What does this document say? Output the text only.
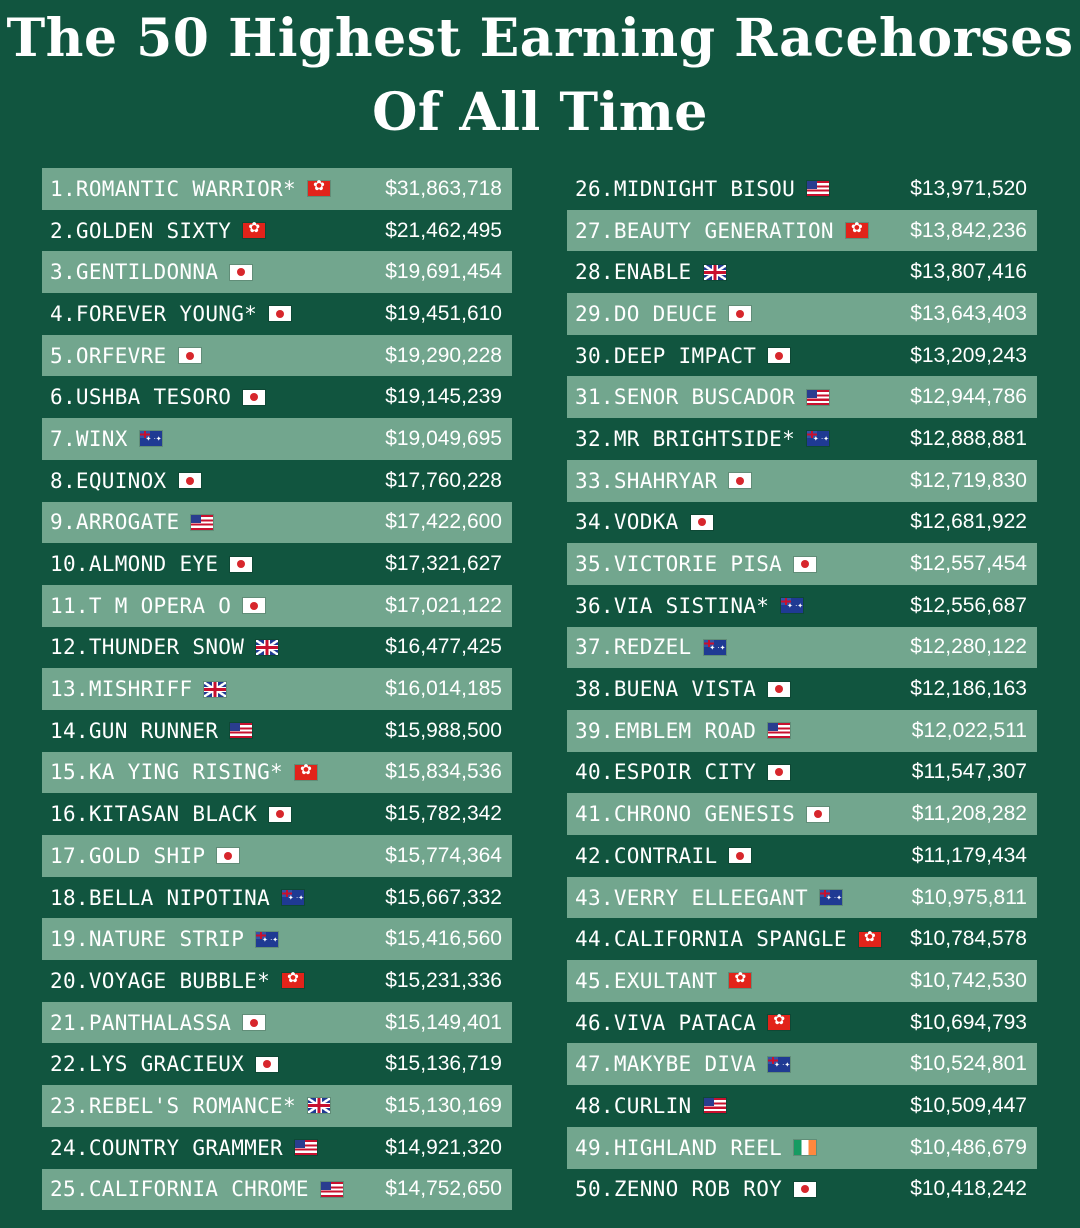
The 50 Highest Earning Racehorses
Of All Time
1.ROMANTIC WARRIOR* ✿	$31,863,718
2.GOLDEN SIXTY ✿	$21,462,495
3.GENTILDONNA	$19,691,454
4.FOREVER YOUNG*	$19,451,610
5.ORFEVRE	$19,290,228
6.USHBA TESORO	$19,145,239
7.WINX ✦ ·✦	$19,049,695
8.EQUINOX	$17,760,228
9.ARROGATE	$17,422,600
10.ALMOND EYE	$17,321,627
11.T M OPERA O	$17,021,122
12.THUNDER SNOW	$16,477,425
13.MISHRIFF	$16,014,185
14.GUN RUNNER	$15,988,500
15.KA YING RISING* ✿	$15,834,536
16.KITASAN BLACK	$15,782,342
17.GOLD SHIP	$15,774,364
18.BELLA NIPOTINA ✦ ·✦	$15,667,332
19.NATURE STRIP ✦ ·✦	$15,416,560
20.VOYAGE BUBBLE* ✿	$15,231,336
21.PANTHALASSA	$15,149,401
22.LYS GRACIEUX	$15,136,719
23.REBEL'S ROMANCE*	$15,130,169
24.COUNTRY GRAMMER	$14,921,320
25.CALIFORNIA CHROME	$14,752,650
26.MIDNIGHT BISOU	$13,971,520
27.BEAUTY GENERATION ✿	$13,842,236
28.ENABLE	$13,807,416
29.DO DEUCE	$13,643,403
30.DEEP IMPACT	$13,209,243
31.SENOR BUSCADOR	$12,944,786
32.MR BRIGHTSIDE* ✦ ·✦	$12,888,881
33.SHAHRYAR	$12,719,830
34.VODKA	$12,681,922
35.VICTORIE PISA	$12,557,454
36.VIA SISTINA* ✦ ·✦	$12,556,687
37.REDZEL ✦ ·✦	$12,280,122
38.BUENA VISTA	$12,186,163
39.EMBLEM ROAD	$12,022,511
40.ESPOIR CITY	$11,547,307
41.CHRONO GENESIS	$11,208,282
42.CONTRAIL	$11,179,434
43.VERRY ELLEEGANT ✦ ·✦	$10,975,811
44.CALIFORNIA SPANGLE ✿	$10,784,578
45.EXULTANT ✿	$10,742,530
46.VIVA PATACA ✿	$10,694,793
47.MAKYBE DIVA ✦ ·✦	$10,524,801
48.CURLIN	$10,509,447
49.HIGHLAND REEL	$10,486,679
50.ZENNO ROB ROY	$10,418,242
